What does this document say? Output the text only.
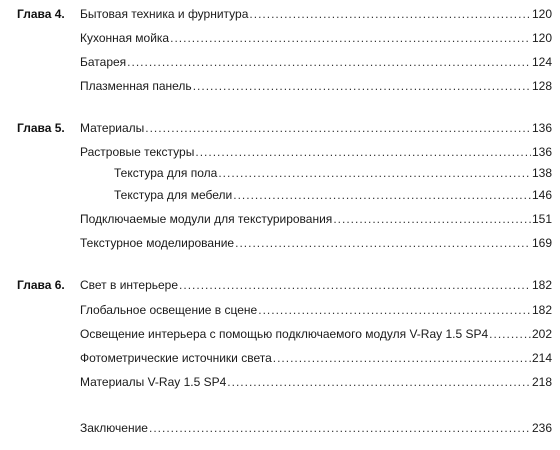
Глава 4. Бытовая техника и фурнитура .....	120
Кухонная мойка .....	120
Батарея .....	124
Плазменная панель .....	128
Глава 5. Материалы .....	136
Растровые текстуры .....	136
Текстура для пола .....	138
Текстура для мебели .....	146
Подключаемые модули для текстурирования .....	151
Текстурное моделирование .....	169
Глава 6. Свет в интерьере .....	182
Глобальное освещение в сцене .....	182
Освещение интерьера с помощью подключаемого модуля V-Ray 1.5 SP4 .....	202
Фотометрические источники света .....	214
Материалы V-Ray 1.5 SP4 .....	218
Заключение .....	236
